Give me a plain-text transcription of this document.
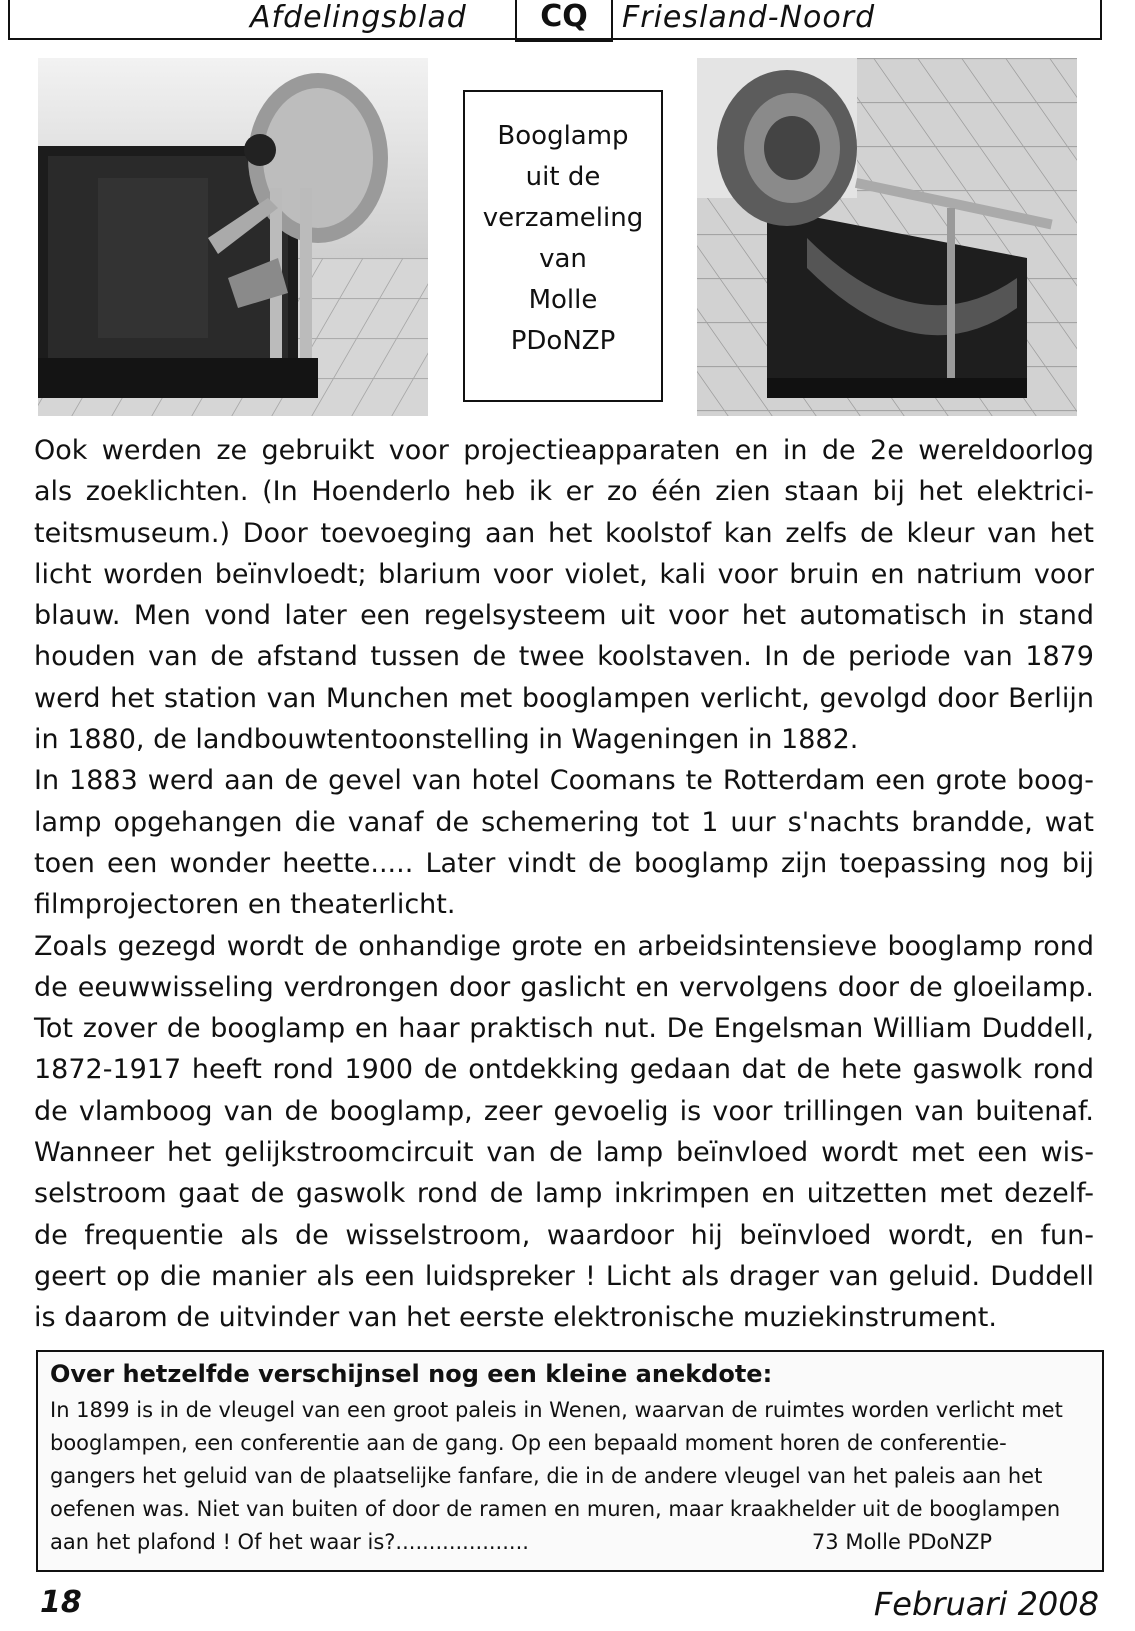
Afdelingsblad	CQ	Friesland-Noord
Booglamp
uit de
verzameling
van
Molle
PDoNZP
Ook werden ze gebruikt voor projectieapparaten en in de 2e wereldoorlog
als zoeklichten. (In Hoenderlo heb ik er zo één zien staan bij het elektrici-
teitsmuseum.) Door toevoeging aan het koolstof kan zelfs de kleur van het
licht worden beïnvloedt; blarium voor violet, kali voor bruin en natrium voor
blauw. Men vond later een regelsysteem uit voor het automatisch in stand
houden van de afstand tussen de twee koolstaven. In de periode van 1879
werd het station van Munchen met booglampen verlicht, gevolgd door Berlijn
in 1880, de landbouwtentoonstelling in Wageningen in 1882.
In 1883 werd aan de gevel van hotel Coomans te Rotterdam een grote boog-
lamp opgehangen die vanaf de schemering tot 1 uur s'nachts brandde, wat
toen een wonder heette..... Later vindt de booglamp zijn toepassing nog bij
filmprojectoren en theaterlicht.
Zoals gezegd wordt de onhandige grote en arbeidsintensieve booglamp rond
de eeuwwisseling verdrongen door gaslicht en vervolgens door de gloeilamp.
Tot zover de booglamp en haar praktisch nut. De Engelsman William Duddell,
1872-1917 heeft rond 1900 de ontdekking gedaan dat de hete gaswolk rond
de vlamboog van de booglamp, zeer gevoelig is voor trillingen van buitenaf.
Wanneer het gelijkstroomcircuit van de lamp beïnvloed wordt met een wis-
selstroom gaat de gaswolk rond de lamp inkrimpen en uitzetten met dezelf-
de frequentie als de wisselstroom, waardoor hij beïnvloed wordt, en fun-
geert op die manier als een luidspreker ! Licht als drager van geluid. Duddell
is daarom de uitvinder van het eerste elektronische muziekinstrument.
Over hetzelfde verschijnsel nog een kleine anekdote:
In 1899 is in de vleugel van een groot paleis in Wenen, waarvan de ruimtes worden verlicht met
booglampen, een conferentie aan de gang. Op een bepaald moment horen de conferentie-
gangers het geluid van de plaatselijke fanfare, die in de andere vleugel van het paleis aan het
oefenen was. Niet van buiten of door de ramen en muren, maar kraakhelder uit de booglampen
aan het plafond ! Of het waar is?....................	73 Molle PDoNZP
18	Februari 2008
